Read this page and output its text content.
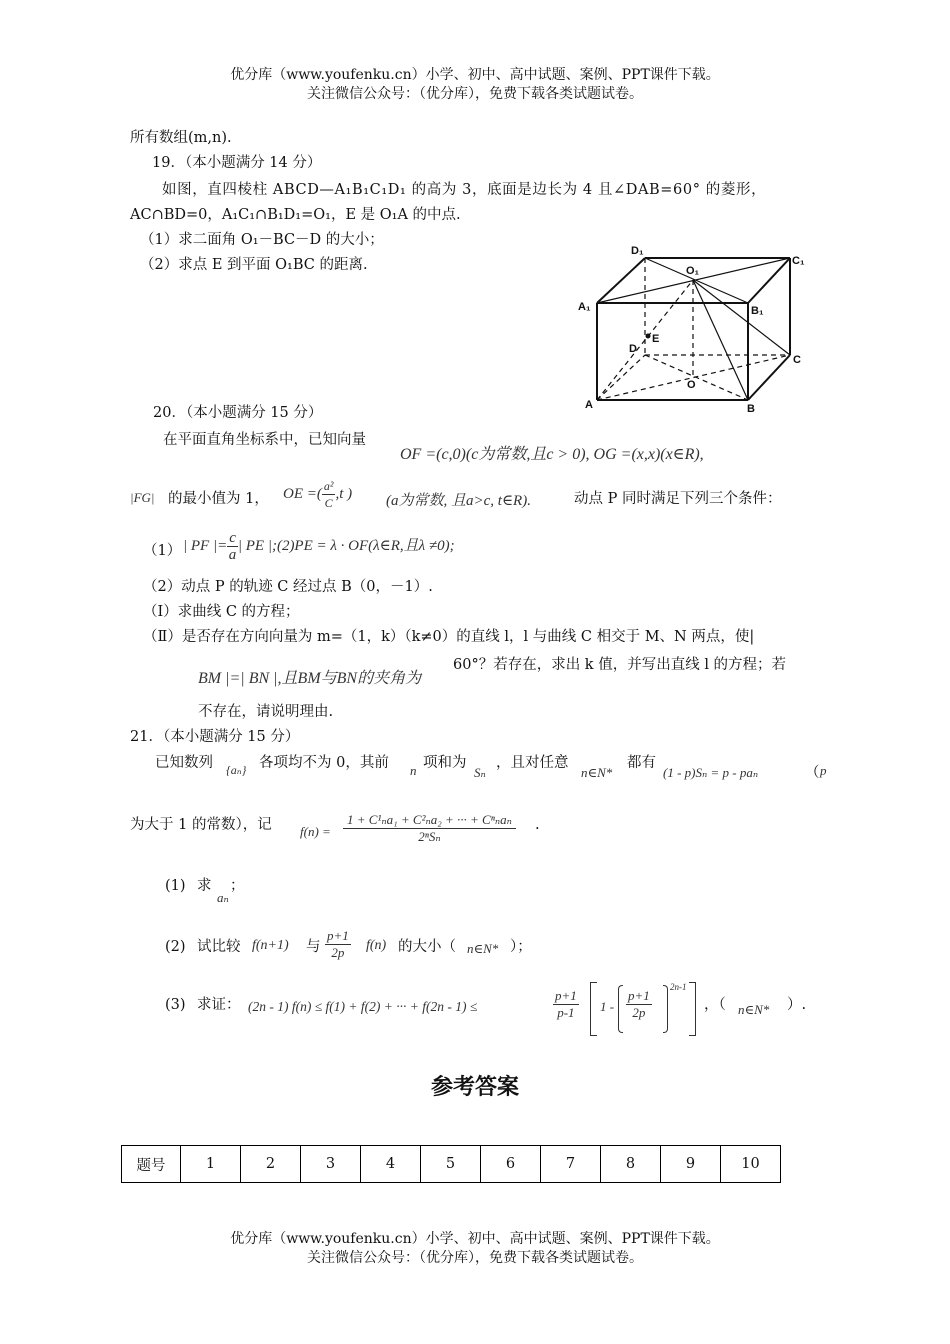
优分库（www.youfenku.cn）小学、初中、高中试题、案例、PPT课件下载。
关注微信公众号：（优分库），免费下载各类试题试卷。
所有数组(m,n).
19．（本小题满分 14 分）
如图，直四棱柱 ABCD—A₁B₁C₁D₁ 的高为 3，底面是边长为 4 且∠DAB=60° 的菱形，
AC∩BD=0，A₁C₁∩B₁D₁=O₁，E 是 O₁A 的中点.
（1）求二面角 O₁－BC－D 的大小；
（2）求点 E 到平面 O₁BC 的距离.
D₁
C₁
O₁
A₁	B₁
E
D
C
O
A	B
20．（本小题满分 15 分）
在平面直角坐标系中，已知向量
OF =(c,0)(c为常数,且c > 0), OG =(x,x)(x∈R),
|FG| 的最小值为 1， OE =( $\frac{\text{a²}}{C} ,t$ ) (a为常数, 且a>c, t∈R).	动点 P 同时满足下列三个条件：
（1） | PF |= $\frac{c}{a}$ | PE |;(2)PE = λ · OF(λ∈R,且λ ≠0);
（2）动点 P 的轨迹 C 经过点 B（0，－1）.
（Ⅰ）求曲线 C 的方程；
（Ⅱ）是否存在方向向量为 m=（1，k）（k≠0）的直线 l，l 与曲线 C 相交于 M、N 两点，使|
BM |=| BN |,且BM与BN的夹角为
60°？若存在，求出 k 值，并写出直线 l 的方程；若
不存在，请说明理由.
21．（本小题满分 15 分）
已知数列 {aₙ} 各项均不为 0，其前 n 项和为
Sₙ
，且对任意
n∈N*
都有
(1 - p)Sₙ = p - paₙ	（ p
为大于 1 的常数），记 $f(n) = \frac{\text{1 + C¹ₙa₁ + C²ₙa₂ + ··· + Cⁿₙaₙ}}{\text{2ⁿSₙ}}$ .
(1) 求
aₙ
；
(2) 试比较 f(n+1) 与 $\frac{p+1}{2p} f(n)$ 的大小（ n∈N* ）；
(3) 求证： (2n - 1) f(n) ≤ f(1) + f(2) + ··· + f(2n - 1) ≤	$\frac{p+1}{p-1} 1 - \frac{p+1}{2p}$
2n-1
，（ n∈N* ）.
参考答案
题号	1	2	3	4	5	6	7	8	9	10
优分库（www.youfenku.cn）小学、初中、高中试题、案例、PPT课件下载。
关注微信公众号：（优分库），免费下载各类试题试卷。
